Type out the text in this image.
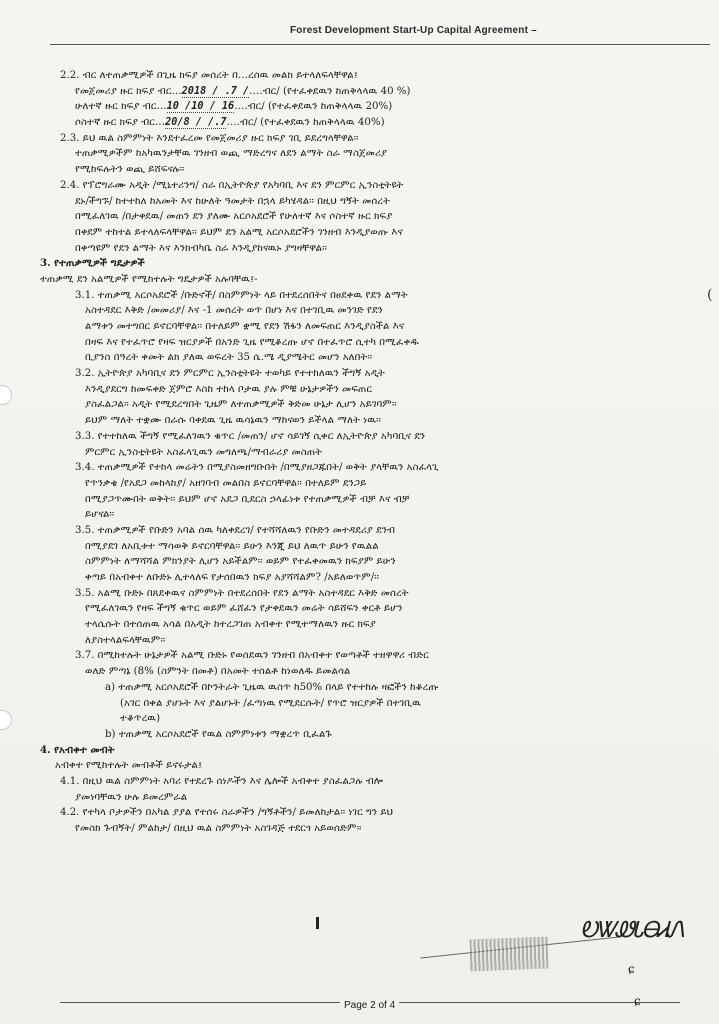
Forest Development Start-Up Capital Agreement –
2.2. ብር ለተጠቃሚዎች በጊዜ ክፍያ መሰረት በ…ረሰዉ መልክ ይተላለፍላቸዋል፤
የመጀመሪያ ዙር ክፍያ ብር…2018 / .7 /….ብር/ (የተፈቀደዉን ከጠቅላላዉ 40 %)
ሁለተኛ ዙር ክፍያ ብር…10 /10 / 16….ብር/ (የተፈቀደዉን ከጠቅላላዉ 20%)
ሶስተኛ ዙር ክፍያ ብር…20/8 / /.7….ብር/ (የተፈቀደዉን ከጠቅላላዉ 40%)
2.3. ይህ ዉል ስምምነት እንደተፈረመ የመጀመሪያ ዙር ክፍያ ገቢ ይደረግላቸዋል፡፡
ተጠቃሚዎችም ከአካዉንታቸዉ ገንዘብ ወጪ ማድረግና ለደን ልማት ስራ ማስጀመሪያ
የሚከፍሉትን ወጪ ይሸፍናሉ፡፡
2.4. የፕሮግራሙ አዲት /ሚኒተሪንግ/ ስራ በኢትዮጵያ የአካባቢ እና ደን ምርምር ኢንስቲትዩት
ደኑ/ችግኙ/ ከተተከለ ከአመት እና ከሁለት ዓመታት በኋላ ይካሄዳል፡፡ በዚህ ግኝት መሰረት
በሚፈለገዉ /በታቀደዉ/ መጠን ደን ያለሙ አርሶአደሮች የሁለተኛ እና ሶስተኛ ዙር ክፍያ
በቀደም ተከተል ይተላለፍላቸዋል፡፡ ይህም ደን አልሚ አርሶአደሮችን ገንዘብ እንዲያወጡ እና
በቀጣዩም የደን ልማት እና እንክብካቤ ስራ እንዲያከናዉኑ ያግዛቸዋል፡፡
3. የተጠቃሚዎች ግዴታዎች
ተጠቃሚ ደን አልሚዎች የሚከተሉት ግዴታዎች አሉባቸዉ፤-
3.1. ተጠቃሚ አርሶአደሮች /ቡድኖች/ በስምምነት ላይ በተደረሰበትና በፀደቀዉ የደን ልማት
አስተዳደር እቅድ /መመሪያ/ እና -1 መሰረት ወጥ በሆነ እና በተገቢዉ መንገድ የደን
ልማቱን መተግበር ይኖርባቸዋል፡፡ በተለይም ቋሚ የደን ሽፋን ለመፍጠር እንዲያስችል እና
በዛፍ እና የተፈጥሮ የዛፍ ዝርያዎች በአንድ ጊዜ የሚቆረጡ ሆኖ በተፈጥሮ ሲተካ በሚፈቀዱ
ቢያንስ በዓረት ቀመት ልክ ያለዉ ወፍረት 35 ሴ.ሜ ዲያሜትር መሆን አለበት፡፡
3.2. ኢትዮጵያ አካባቢና ደን ምርምር ኢንስቲትዩት ተወካይ የተተከለዉን ችግኝ አዲት
እንዲያደርግ ከመፍቀድ ጀምሮ እስከ ተከላ ቦታዉ ያሉ ምቹ ሁኔታዎችን መፍጠር
ያስፈልጋል፡፡ አዲት የሚደረግበት ጊዜም ለተጠቃሚዎች ቅድመ ሁኔታ ሊሆን አይገባም፡፡
ይህም ማለት ተቋሙ በራሱ ባቀደዉ ጊዜ ዉሳኔዉን ማከናወን ይችላል ማለት ነዉ፡፡
3.3. የተተከለዉ ችግኝ የሚፈለገዉን ቁጥር /መጠን/ ሆኖ ሳይገኝ ሲቀር ለኢትዮጵያ አካባቢና ደን
ምርምር ኢንስቲትዩት አስፈላጊዉን መግለጫ/ማብራሪያ መስጠት
3.4. ተጠቃሚዎች የተከላ መሬትን በሚያስመዘግቡበት /በሚያዘጋጁበት/ ወቅት ያላቸዉን አስፈላጊ
የጥንቃቄ /የአደጋ መከላከያ/ አዘገባብ መልበስ ይኖርባቸዋል፡፡ በተለይም ደንጋይ
በሚያጋጥሙበት ወቅት፡፡ ይህም ሆኖ አደጋ ቢደርስ ኃላፊነቱ የተጠቃሚዎች ብቻ እና ብቻ
ይሆናል፡፡
3.5. ተጠቃሚዎች የቡድን አባል ሰዉ ካለቀደረገ/ የተሻሻለዉን የቡድን መተዳደሪያ ደንብ
በሚያደገ ለአቢቱተ ማሳወቅ ይኖርባቸዋል፡፡ ይሁን እንጂ ይህ ለዉጥ ይሁን የዉልል
ስምምነት ለማሻሻል ምክንያት ሊሆን አይችልም፡፡ ወይም የተፈቀመዉን ክፍያም ይሁን
ቀጣይ በአብቀተ ለቡድኑ ሊተላለፍ የታሰበዉን ክፍያ አያሻሻልም? /አይለወጥም/፡፡
3.5. አልሚ ቡድኑ በጸደቀዉና ስምምነት በተደረሰበት የደን ልማት አስተዳደር እቅድ መሰረት
የሚፈለገዉን የዛፍ ችግኝ ቁጥር ወይም ፈሸፈን የታቀደዉን መሬት ሳይሸፍን ቀርቶ ይሆን
ተላሴሱት በተሰጠዉ አሳል በአዲት ከተረጋገጠ አብቀተ የሚተማለዉን ዙር ክፍያ
ለያስተላልፍላቸዉም፡፡
3.7. በሚከተሉት ሁኔታዎች አልሚ ቡድኑ የወሰደዉን ገንዘብ በአብቀተ የወጣቶች ተዘዋዋሪ ብድር
ወለድ ምጣኔ (8% (ስምንት በመቶ) በአመት ተሰልቶ ከነወለዱ ይመልሳል
a) ተጠቃሚ አርሶአደሮች በኮንትራት ጊዜዉ ዉስጥ ከ50% በላይ የተተከሉ ዛፎችን ከቆረጡ
(አገር በቀል ያሆኑት እና ያልሆኑት /ፈጣነዉ የሚደርሱት/ የጥሮ ዝርያዎች በተገቢዉ
ተቆጥረዉ)
b) ተጠቃሚ አርሶአደሮች የዉል ስምምነቱን ማቋረጥ ቢፈልጉ
4. የአብቀተ መብት
አብቀተ የሚከተሉት መብቶች ይኖሩታል፤
4.1. በዚህ ዉል ስምምነት አባሪ የተደረጉ ሰነዶችን እና ሌሎች አብቀተ ያስፈልጋሉ ብሎ
ያመነባቸዉን ሁሉ ይመረምራል
4.2. የተካላ ቦታዎችን በአካል ያያል የተሰሩ ስራዎችን /ግኝቶችን/ ይመለከታል፡፡ ነገር ግን ይህ
የመስክ ጉብኝት/ ምልከታ/ በዚህ ዉል ስምምነት አስገዳጅ ተደርጎ አይወሰድም፡፡
(
ᎧᏔᏪᏓᎾᏗᏁ
ɕ
Page 2 of 4	ɕ
